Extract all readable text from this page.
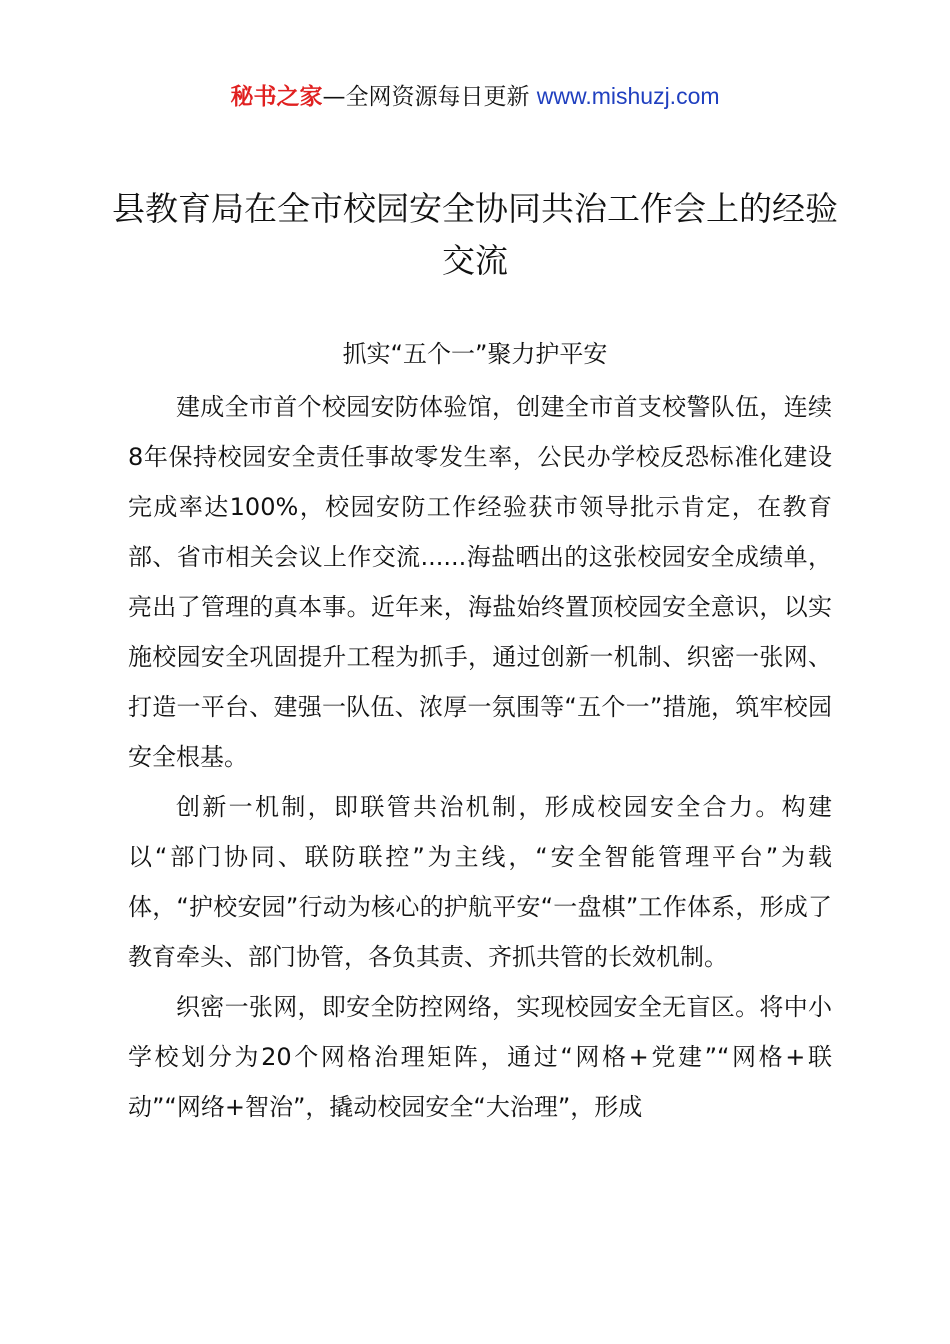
秘书之家—全网资源每日更新 www.mishuzj.com
县教育局在全市校园安全协同共治工作会上的经验交流
抓实“五个一”聚力护平安

建成全市首个校园安防体验馆，创建全市首支校警队伍，连续8年保持校园安全责任事故零发生率，公民办学校反恐标准化建设完成率达100%，校园安防工作经验获市领导批示肯定，在教育部、省市相关会议上作交流......海盐晒出的这张校园安全成绩单，亮出了管理的真本事。近年来，海盐始终置顶校园安全意识，以实施校园安全巩固提升工程为抓手，通过创新一机制、织密一张网、打造一平台、建强一队伍、浓厚一氛围等“五个一”措施，筑牢校园安全根基。

创新一机制，即联管共治机制，形成校园安全合力。构建以“部门协同、联防联控”为主线，“安全智能管理平台”为载体，“护校安园”行动为核心的护航平安“一盘棋”工作体系，形成了教育牵头、部门协管，各负其责、齐抓共管的长效机制。

织密一张网，即安全防控网络，实现校园安全无盲区。将中小学校划分为20个网格治理矩阵，通过“网格+党建”“网格+联动”“网络+智治”，撬动校园安全“大治理”，形成
